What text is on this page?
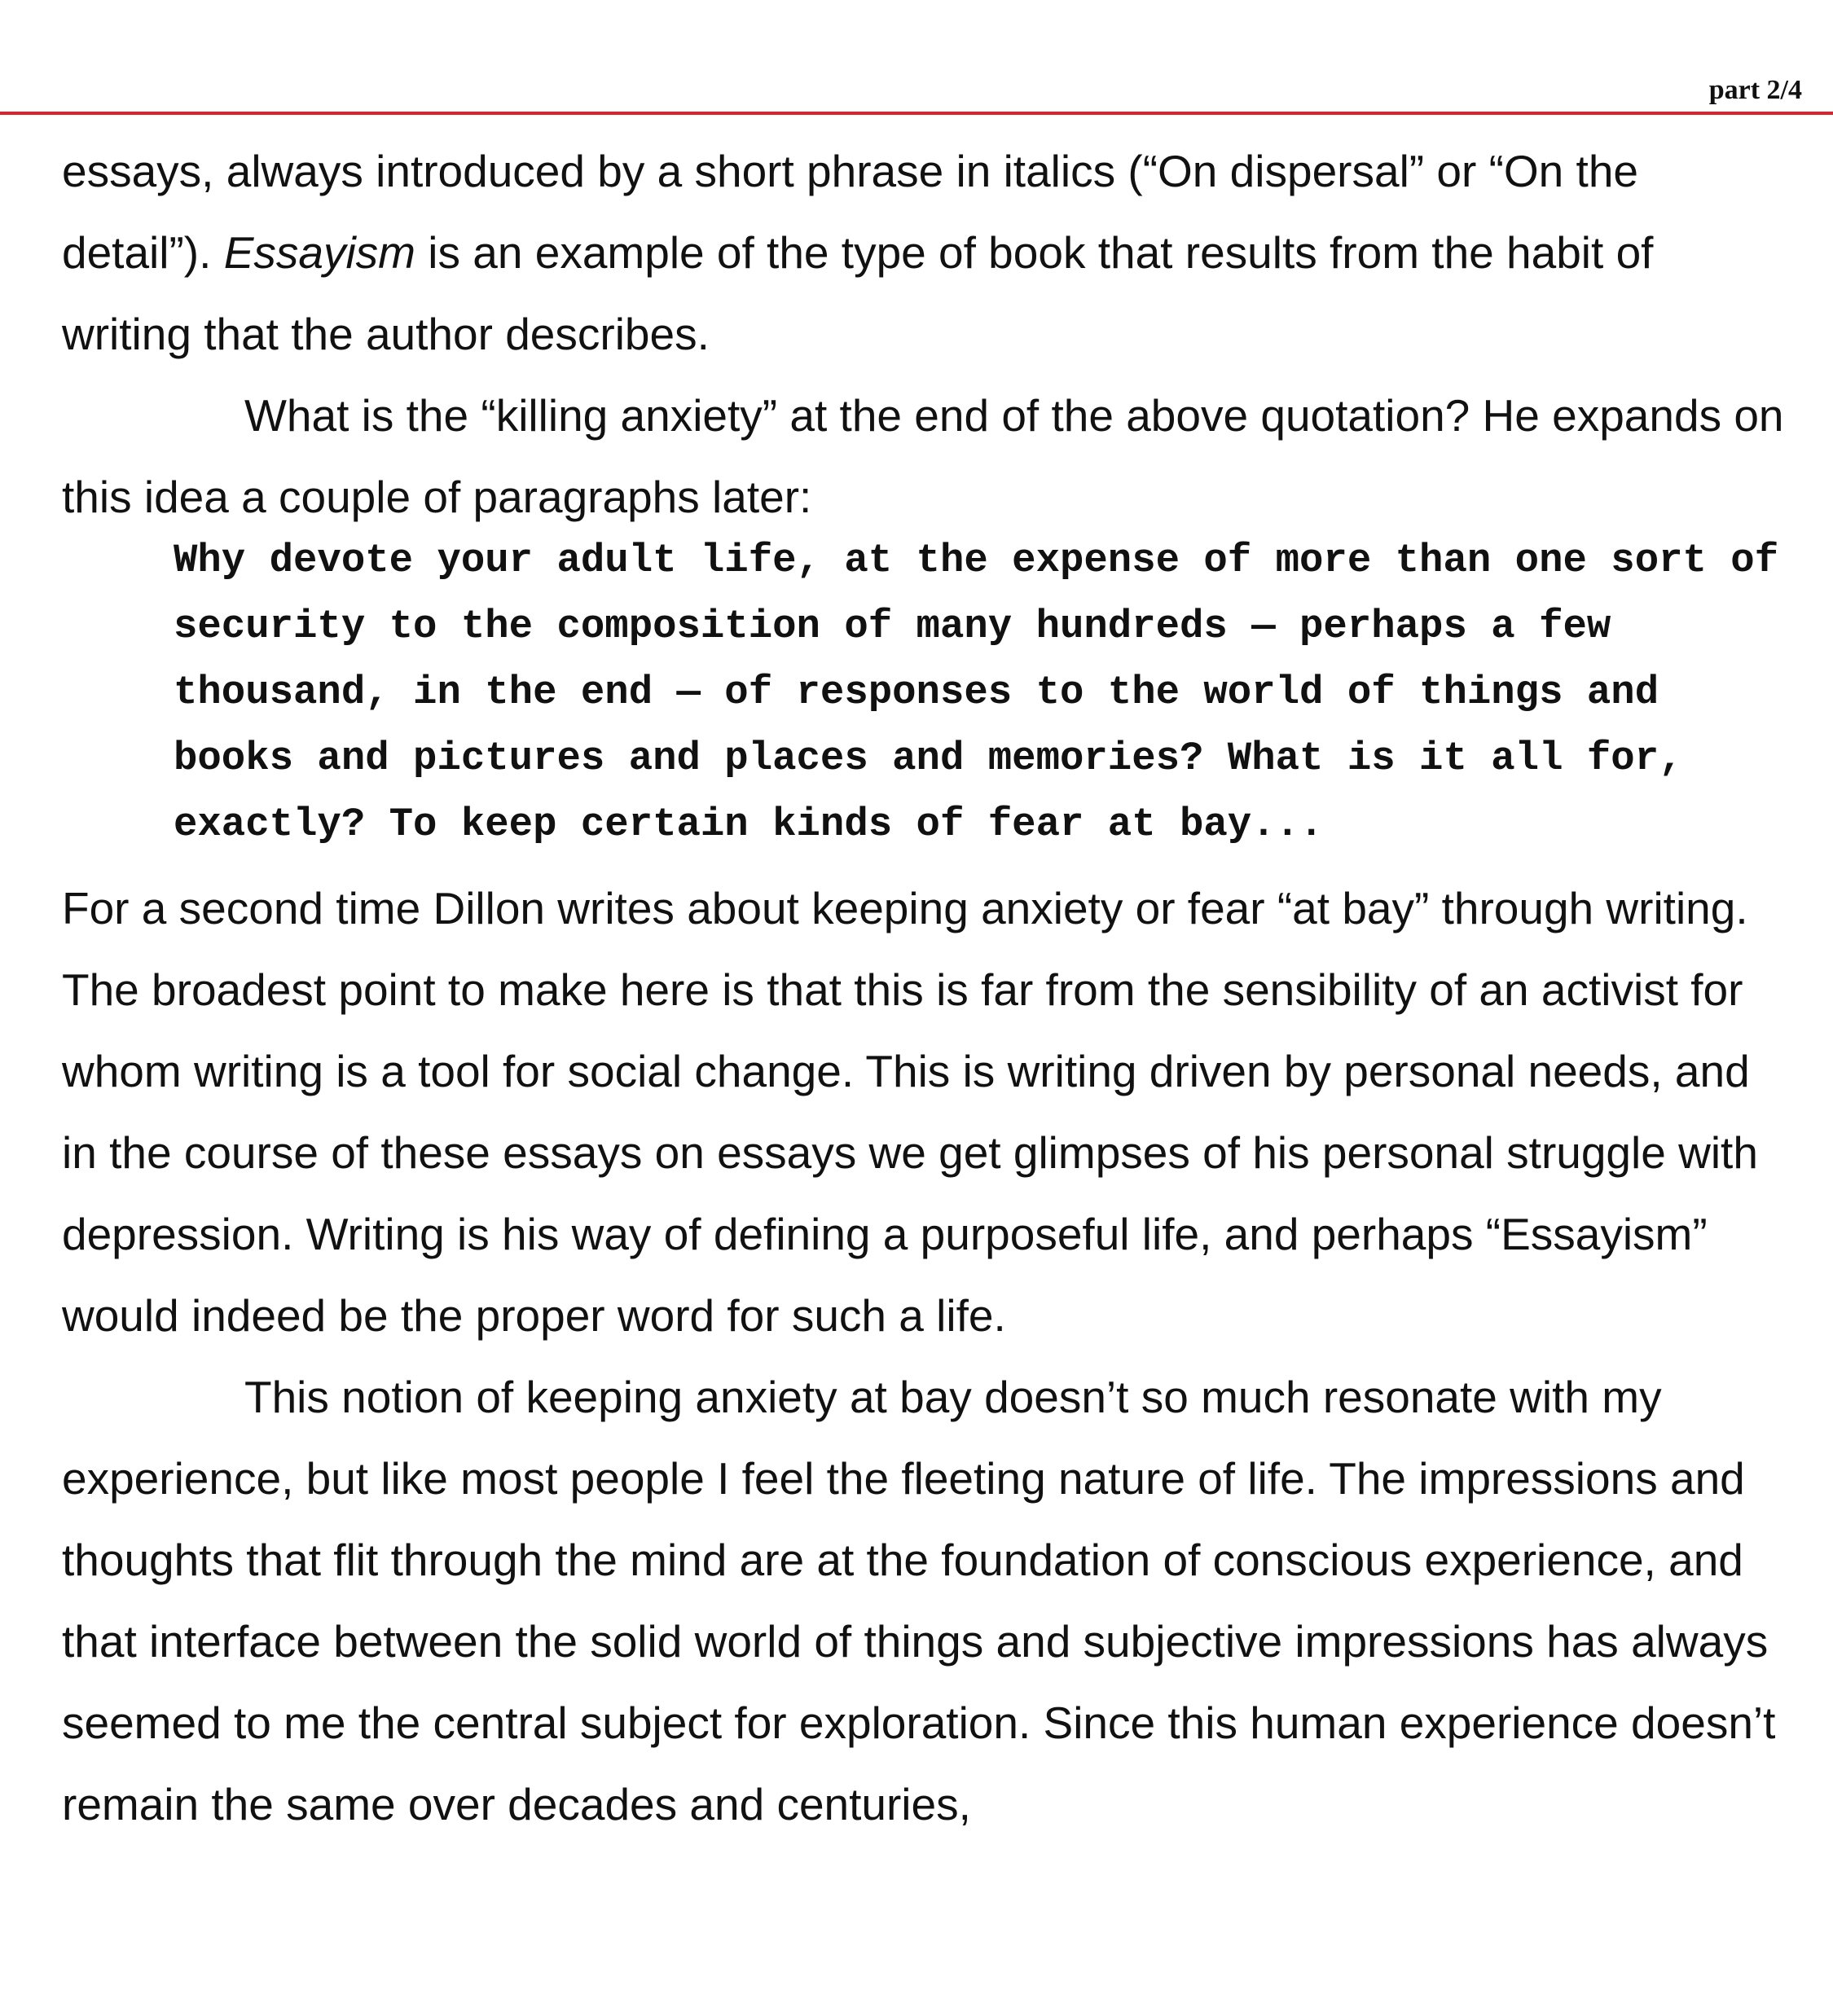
part 2/4

essays, always introduced by a short phrase in italics (“On dispersal” or “On the detail”). Essayism is an example of the type of book that results from the habit of writing that the author describes.

What is the “killing anxiety” at the end of the above quotation? He expands on this idea a couple of paragraphs later:

Why devote your adult life, at the expense of more than one sort of security to the composition of many hundreds — perhaps a few thousand, in the end — of responses to the world of things and books and pictures and places and memories? What is it all for, exactly? To keep certain kinds of fear at bay...

For a second time Dillon writes about keeping anxiety or fear “at bay” through writing. The broadest point to make here is that this is far from the sensibility of an activist for whom writing is a tool for social change. This is writing driven by personal needs, and in the course of these essays on essays we get glimpses of his personal struggle with depression. Writing is his way of defining a purposeful life, and perhaps “Essayism” would indeed be the proper word for such a life.

This notion of keeping anxiety at bay doesn’t so much resonate with my experience, but like most people I feel the fleeting nature of life. The impressions and thoughts that flit through the mind are at the foundation of conscious experience, and that interface between the solid world of things and subjective impressions has always seemed to me the central subject for exploration. Since this human experience doesn’t remain the same over decades and centuries,
